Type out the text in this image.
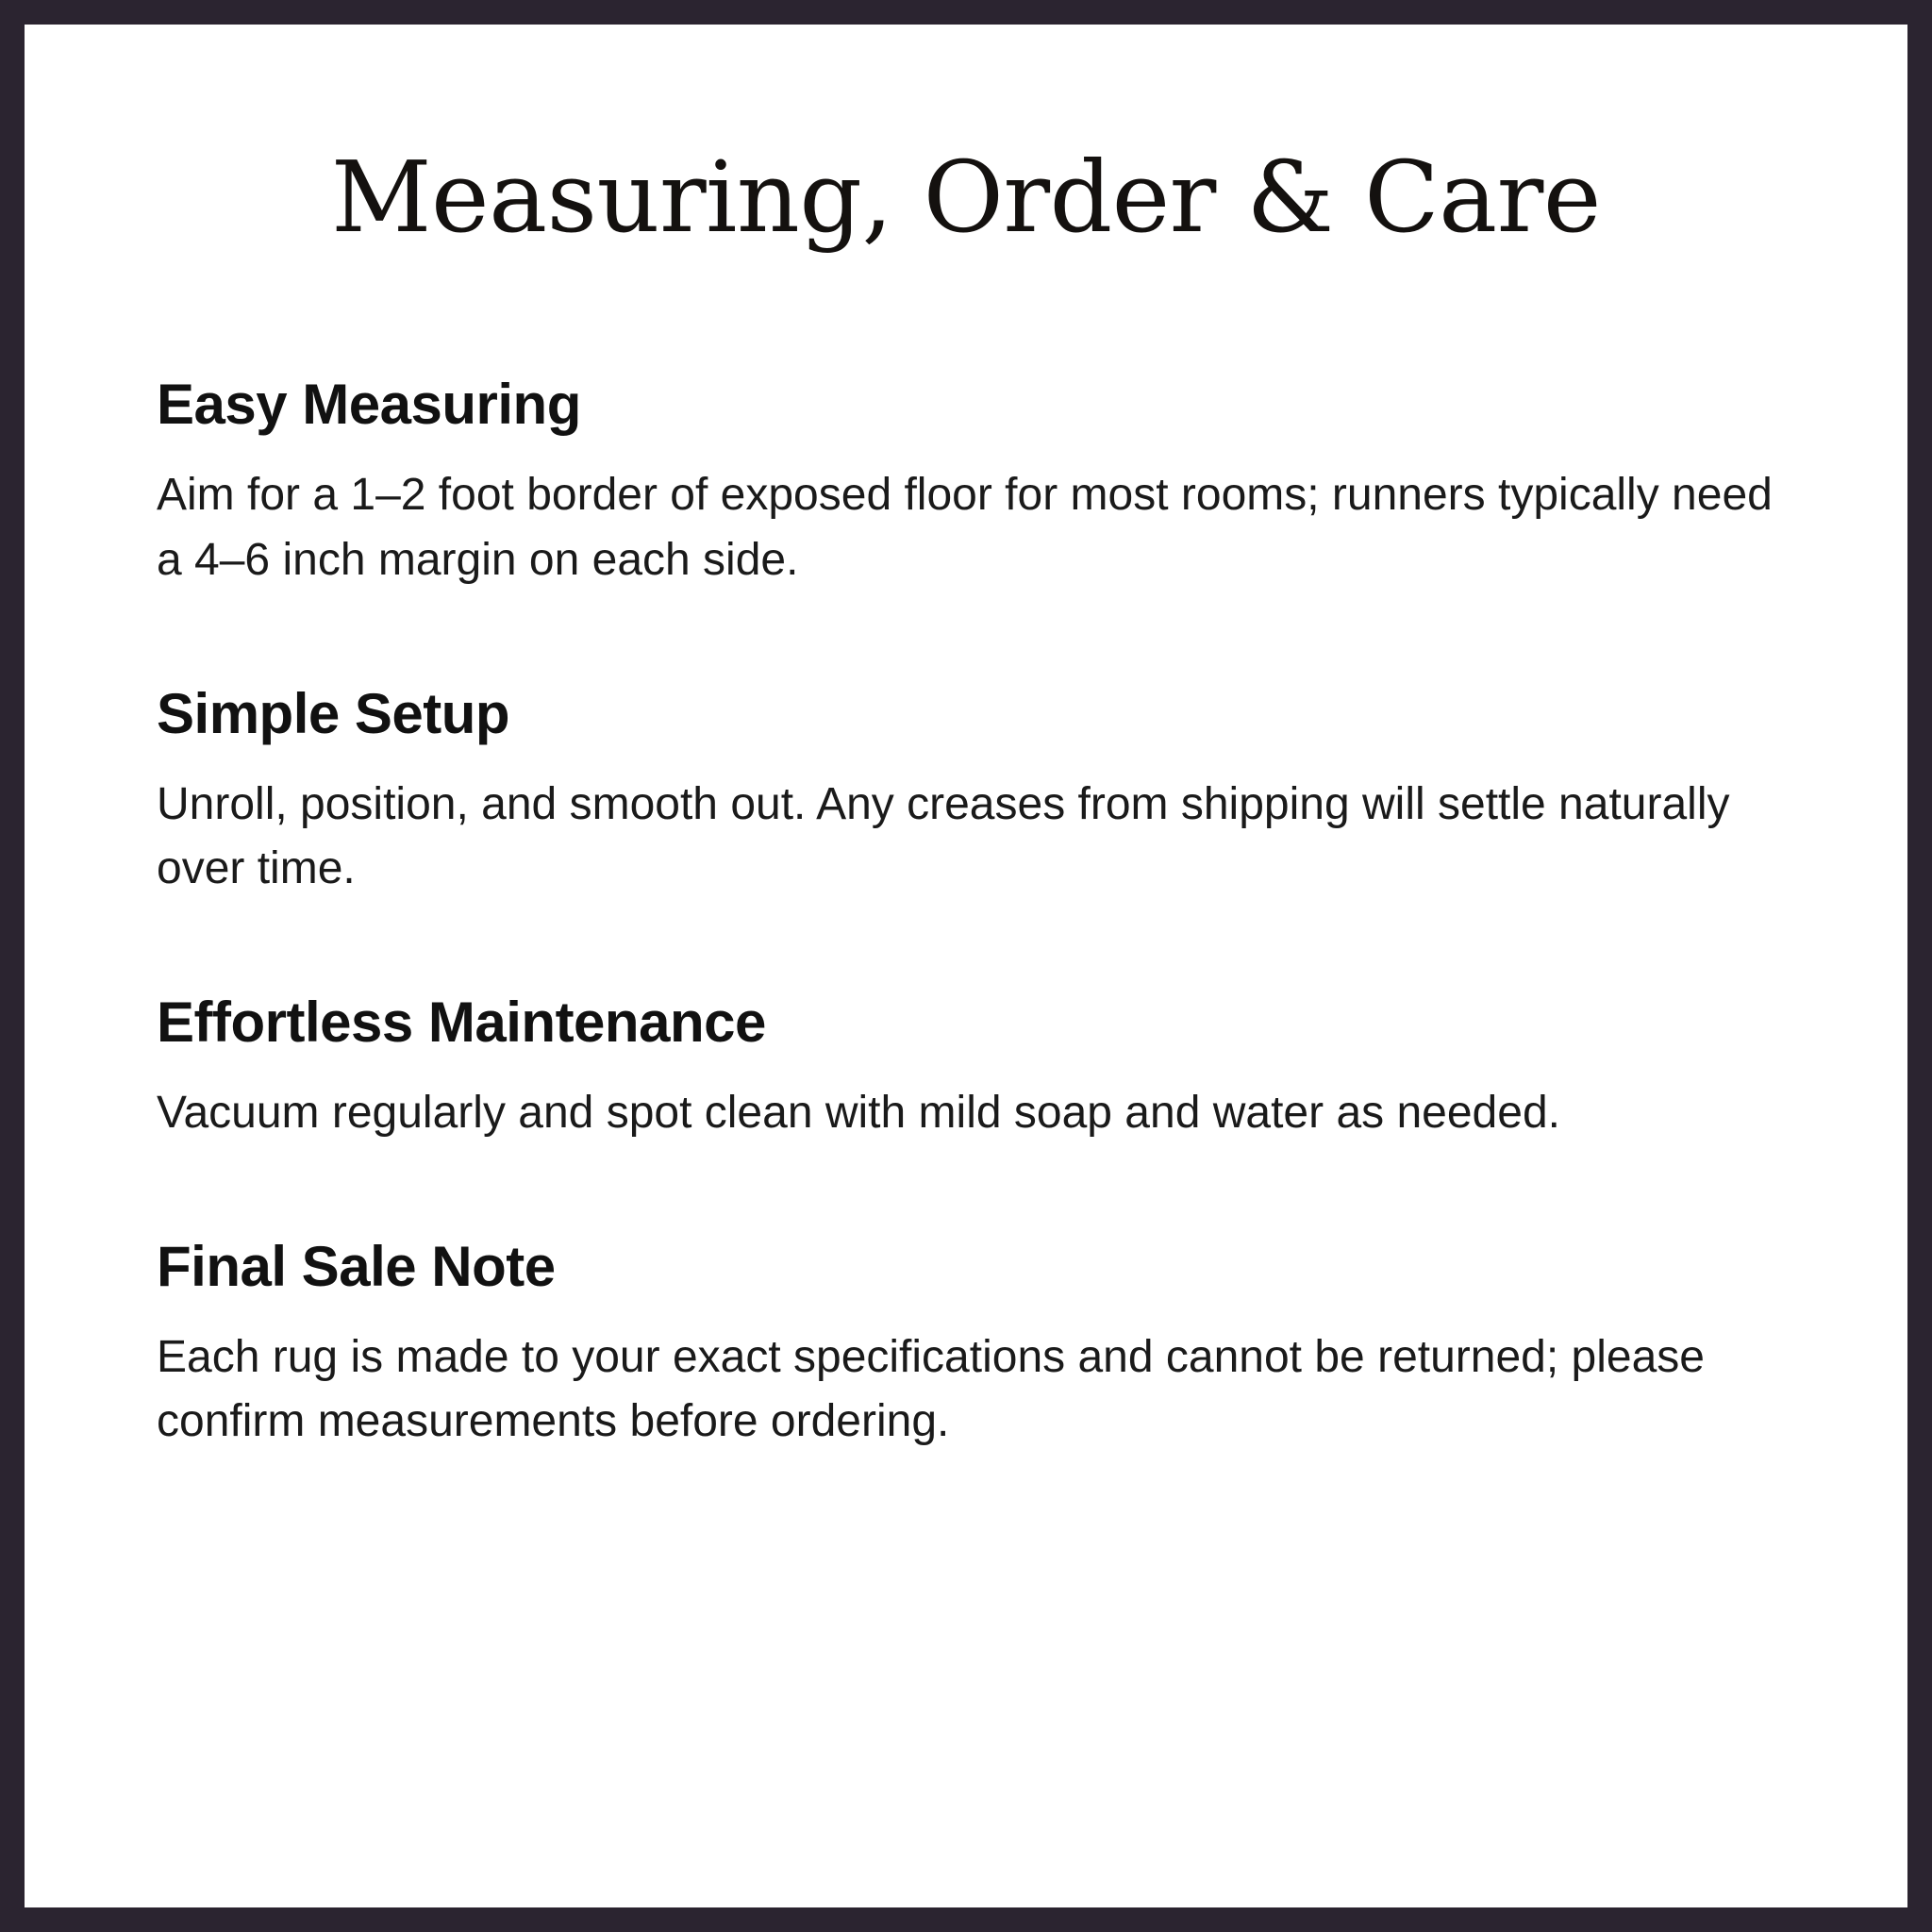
Measuring, Order & Care
Easy Measuring

Aim for a 1–2 foot border of exposed floor for most rooms; runners typically need a 4–6 inch margin on each side.

Simple Setup

Unroll, position, and smooth out. Any creases from shipping will settle naturally over time.

Effortless Maintenance

Vacuum regularly and spot clean with mild soap and water as needed.

Final Sale Note

Each rug is made to your exact specifications and cannot be returned; please confirm measurements before ordering.
